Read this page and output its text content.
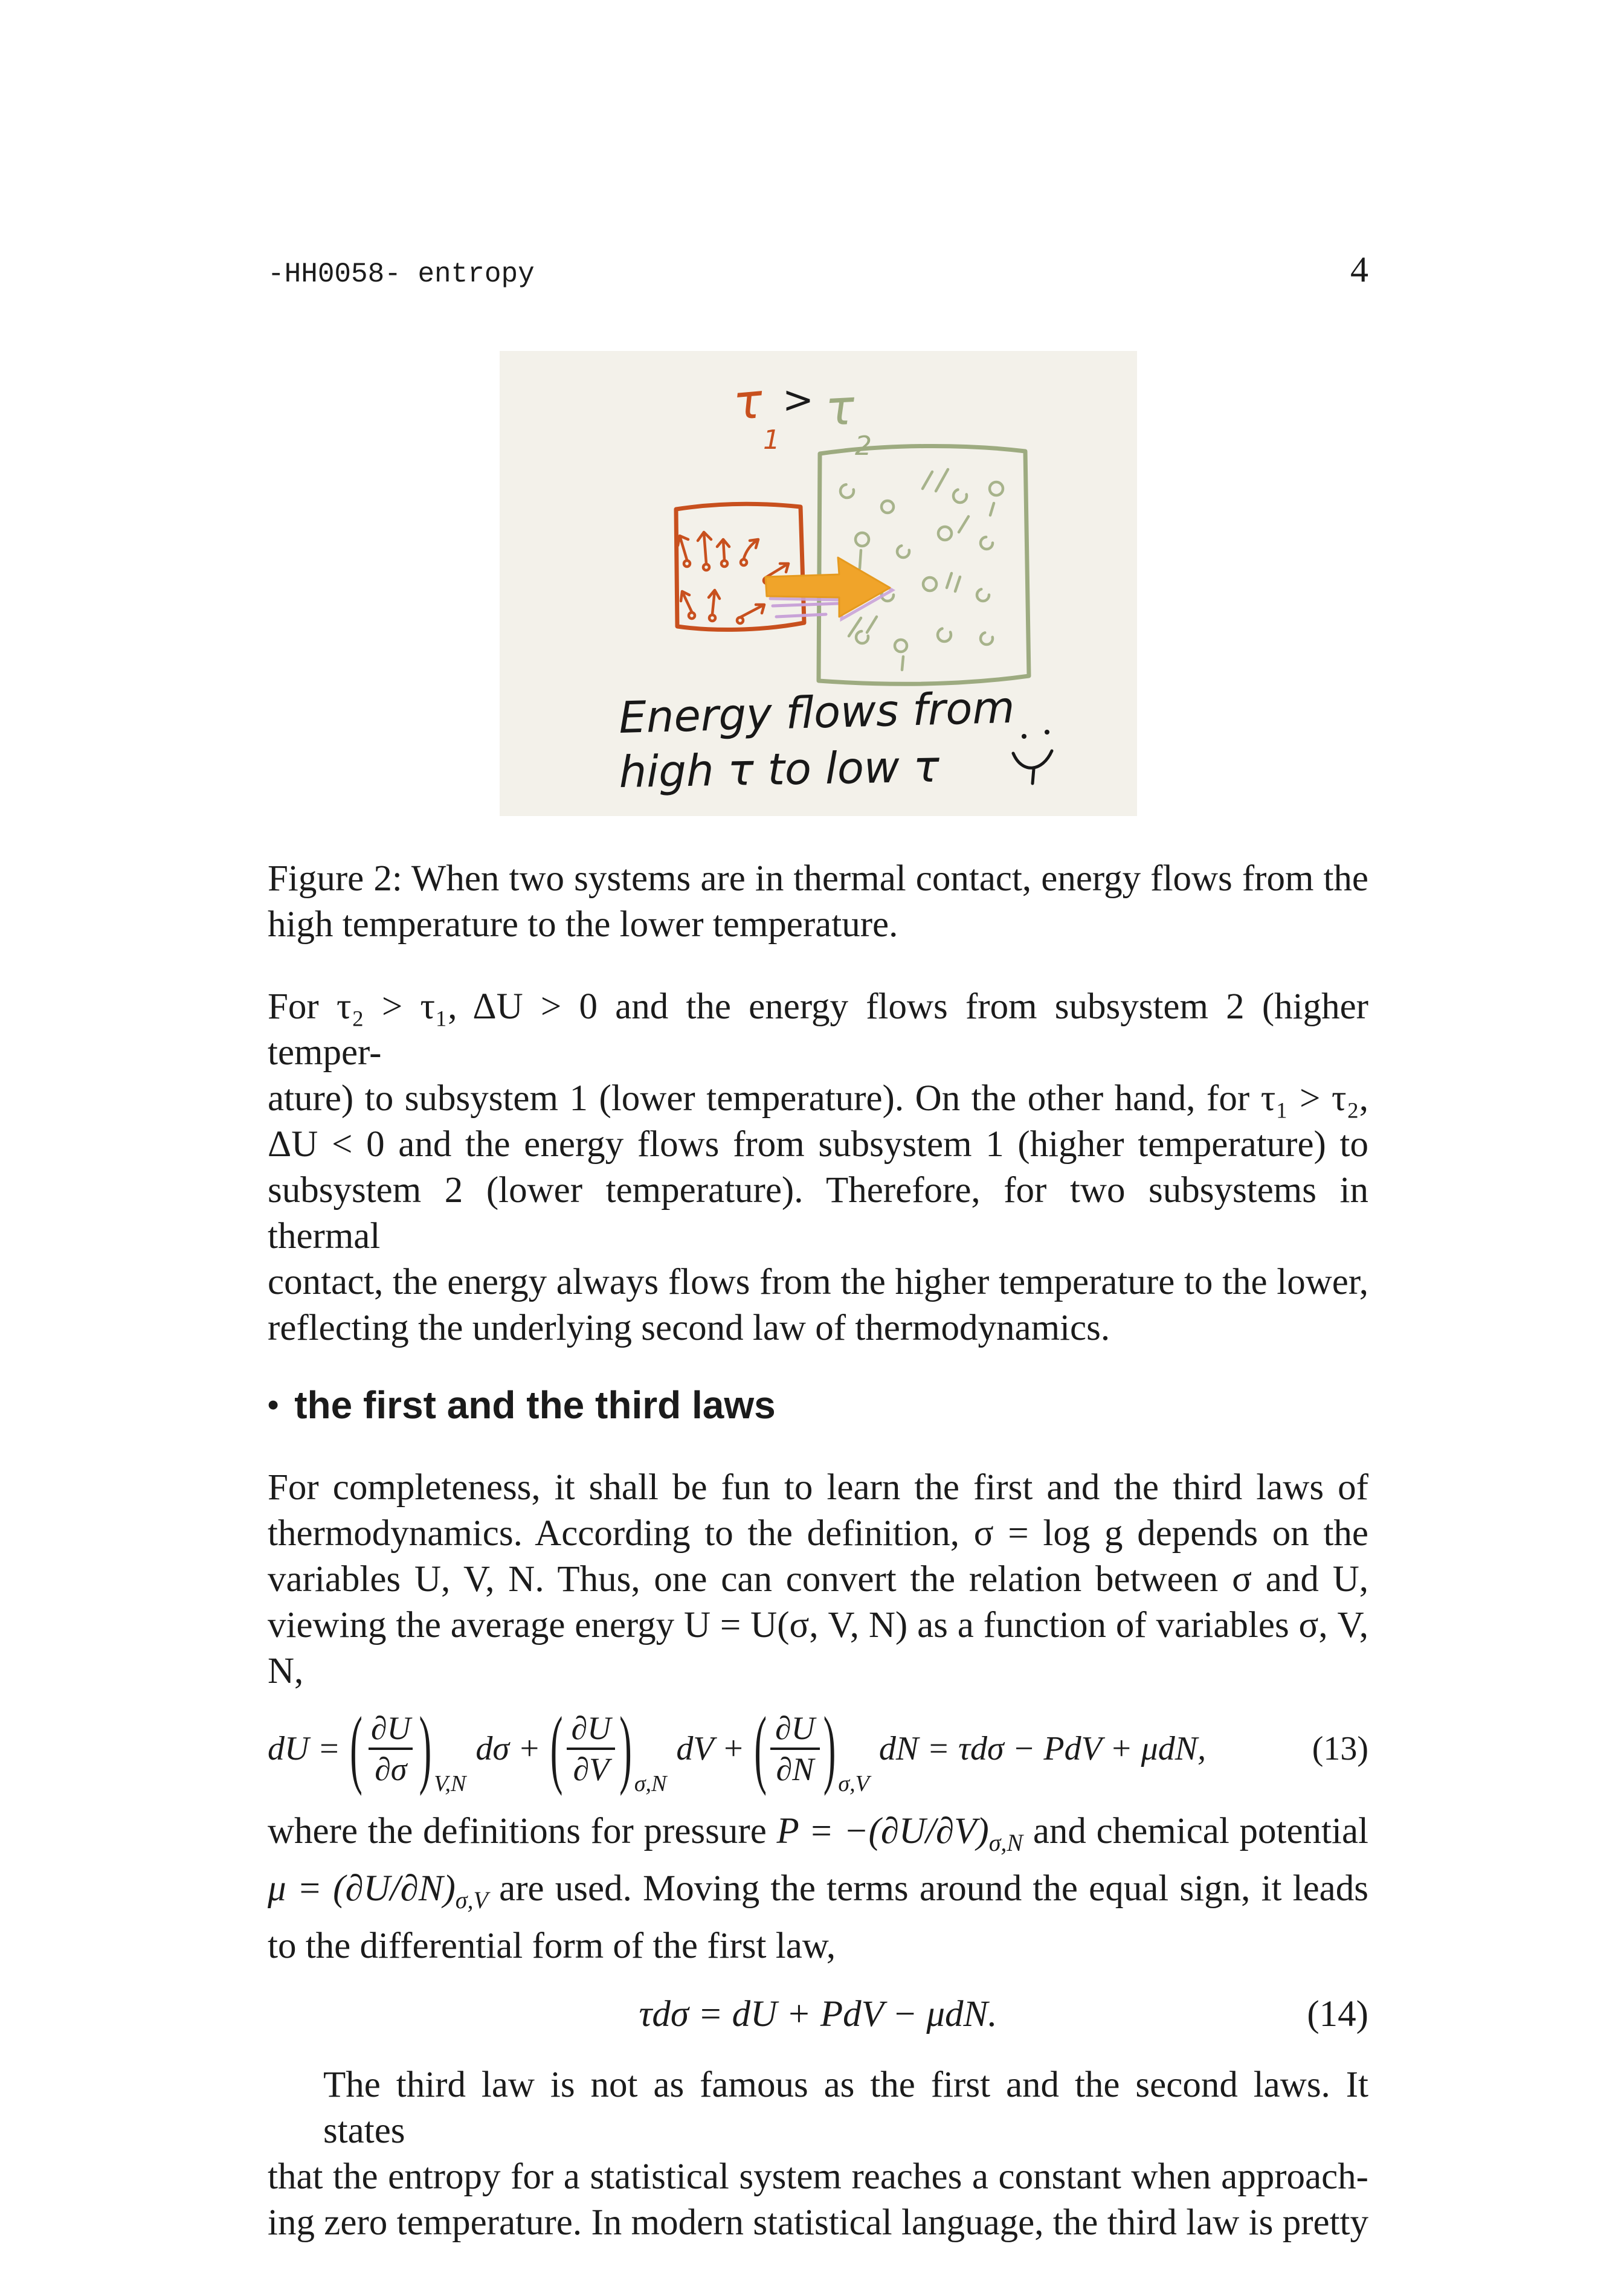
-HH0058- entropy	4
τ
1
> τ
2
Energy flows from
high τ to low τ
Figure 2: When two systems are in thermal contact, energy flows from the
high temperature to the lower temperature.
For τ₂ > τ₁, ΔU > 0 and the energy flows from subsystem 2 (higher temper-
ature) to subsystem 1 (lower temperature). On the other hand, for τ₁ > τ₂,
ΔU < 0 and the energy flows from subsystem 1 (higher temperature) to
subsystem 2 (lower temperature). Therefore, for two subsystems in thermal
contact, the energy always flows from the higher temperature to the lower,
reflecting the underlying second law of thermodynamics.
• the first and the third laws
For completeness, it shall be fun to learn the first and the third laws of
thermodynamics. According to the definition, σ = log g depends on the
variables U, V, N. Thus, one can convert the relation between σ and U,
viewing the average energy U = U(σ, V, N) as a function of variables σ, V, N,
dU = ( $\frac{\partial U}{\partial\sigma}$ ) V,N
dσ + ( $\frac{\partial U}{\partial V}$ ) σ,N
dV + ( $\frac{\partial U}{\partial N}$ ) σ,V
dN = τdσ − PdV + μdN,	(13)
where the definitions for pressure $P = -(\partial U/\partial V)_{\sigma,N}$ and chemical potential
$\mu = (\partial U/\partial N)_{\sigma,V}$ are used. Moving the terms around the equal sign, it leads
to the differential form of the first law,
τdσ = dU + PdV − μdN.	(14)
The third law is not as famous as the first and the second laws. It states
that the entropy for a statistical system reaches a constant when approach-
ing zero temperature. In modern statistical language, the third law is pretty
